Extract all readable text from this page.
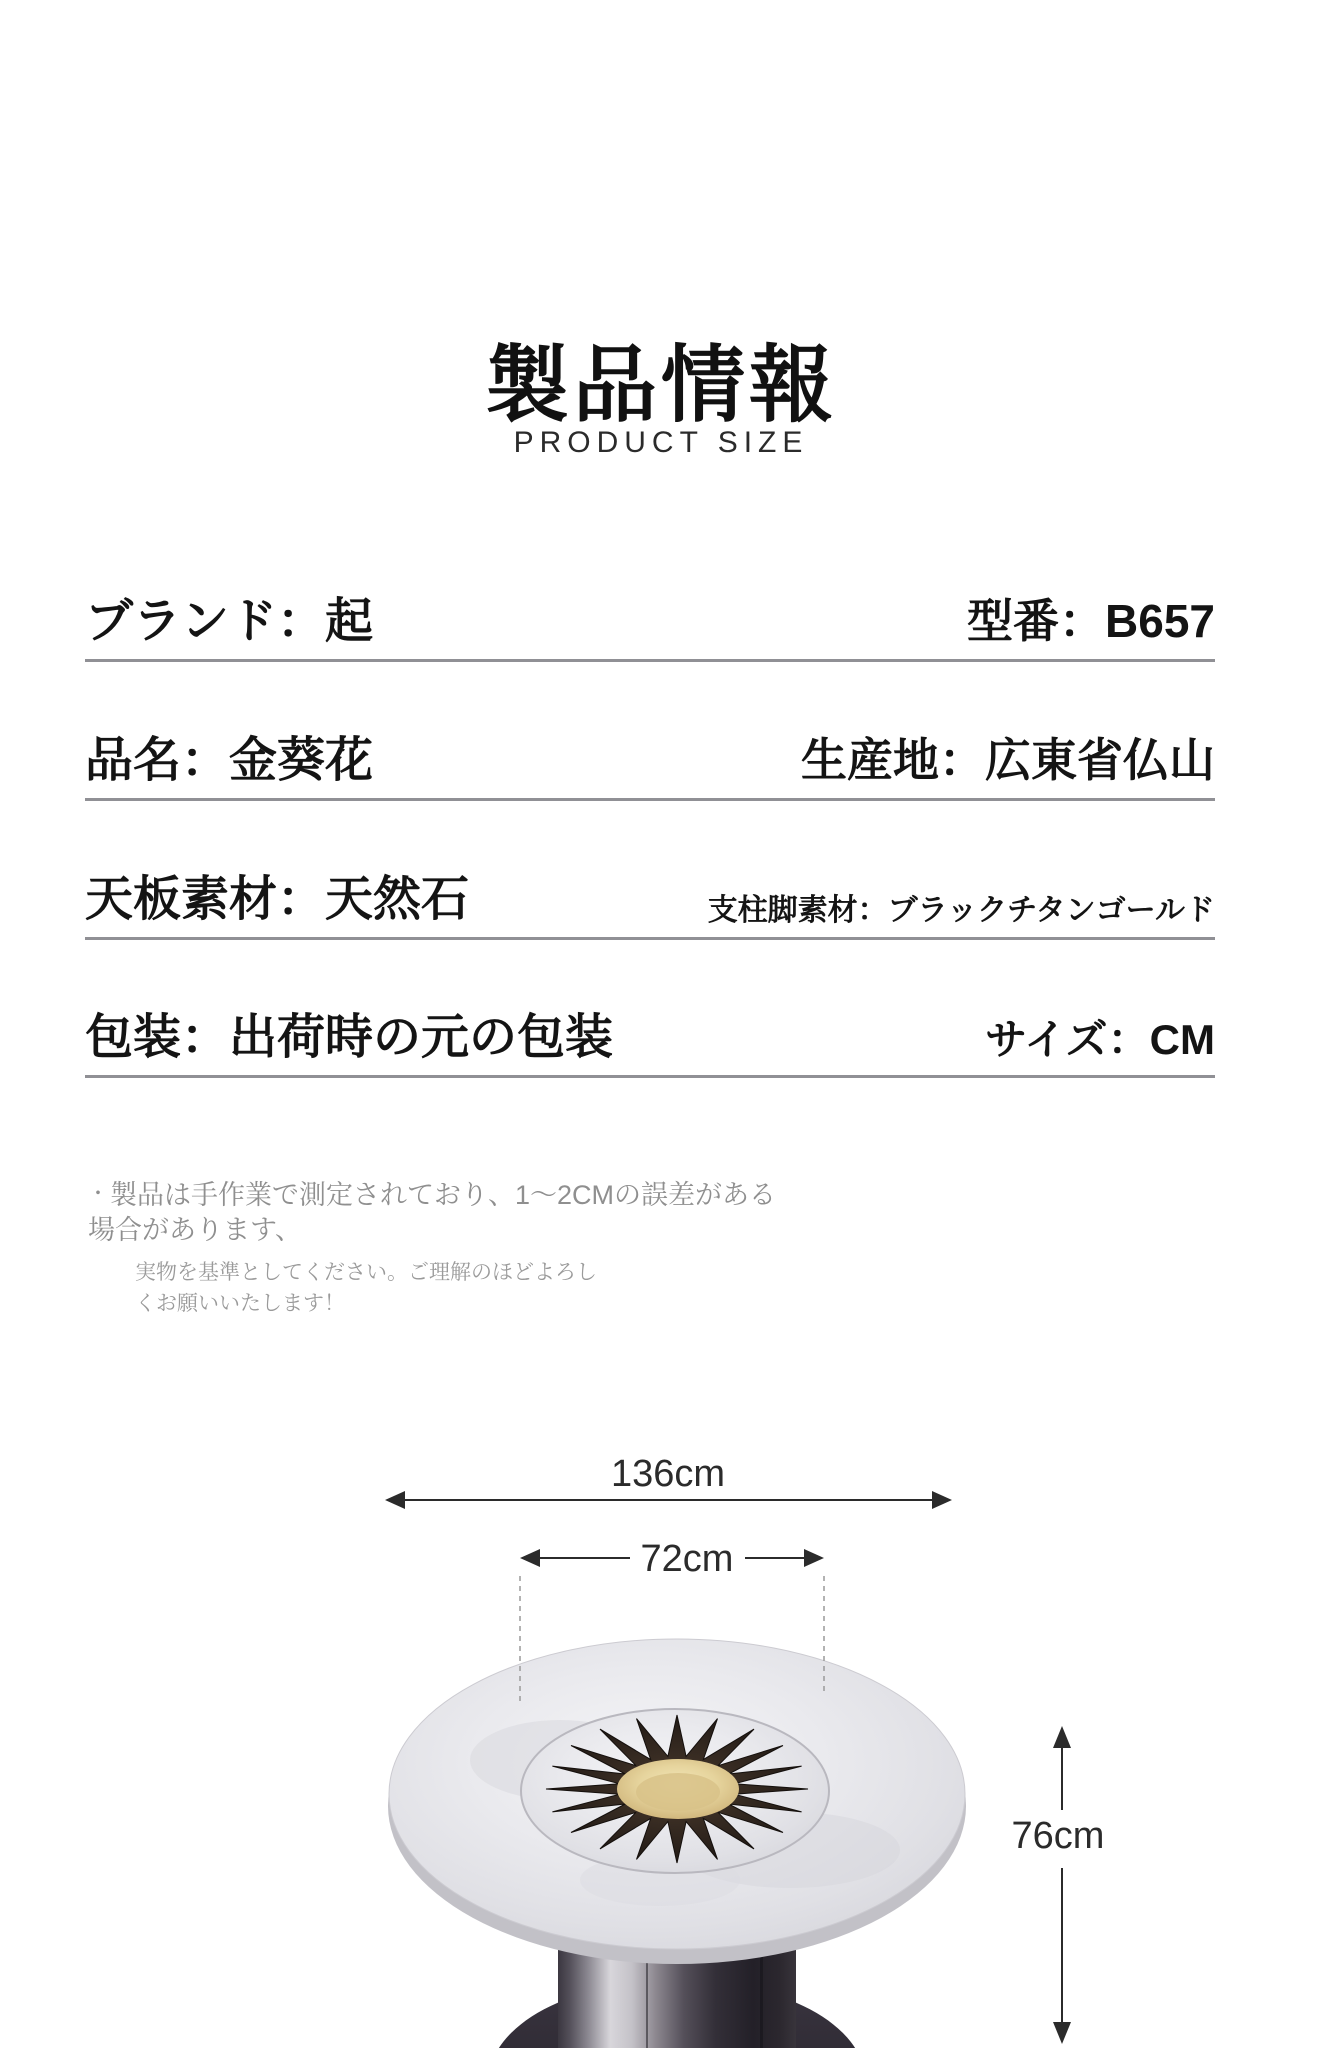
製品情報
PRODUCT SIZE
ブランド：起	型番：B657
品名：金葵花	生産地：広東省仏山
天板素材：天然石	支柱脚素材：ブラックチタンゴールド
包装：出荷時の元の包装	サイズ：CM
・製品は手作業で測定されており、1〜2CMの誤差がある場合があります、
実物を基準としてください。ご理解のほどよろし
くお願いいたします！
136cm
72cm
76cm
